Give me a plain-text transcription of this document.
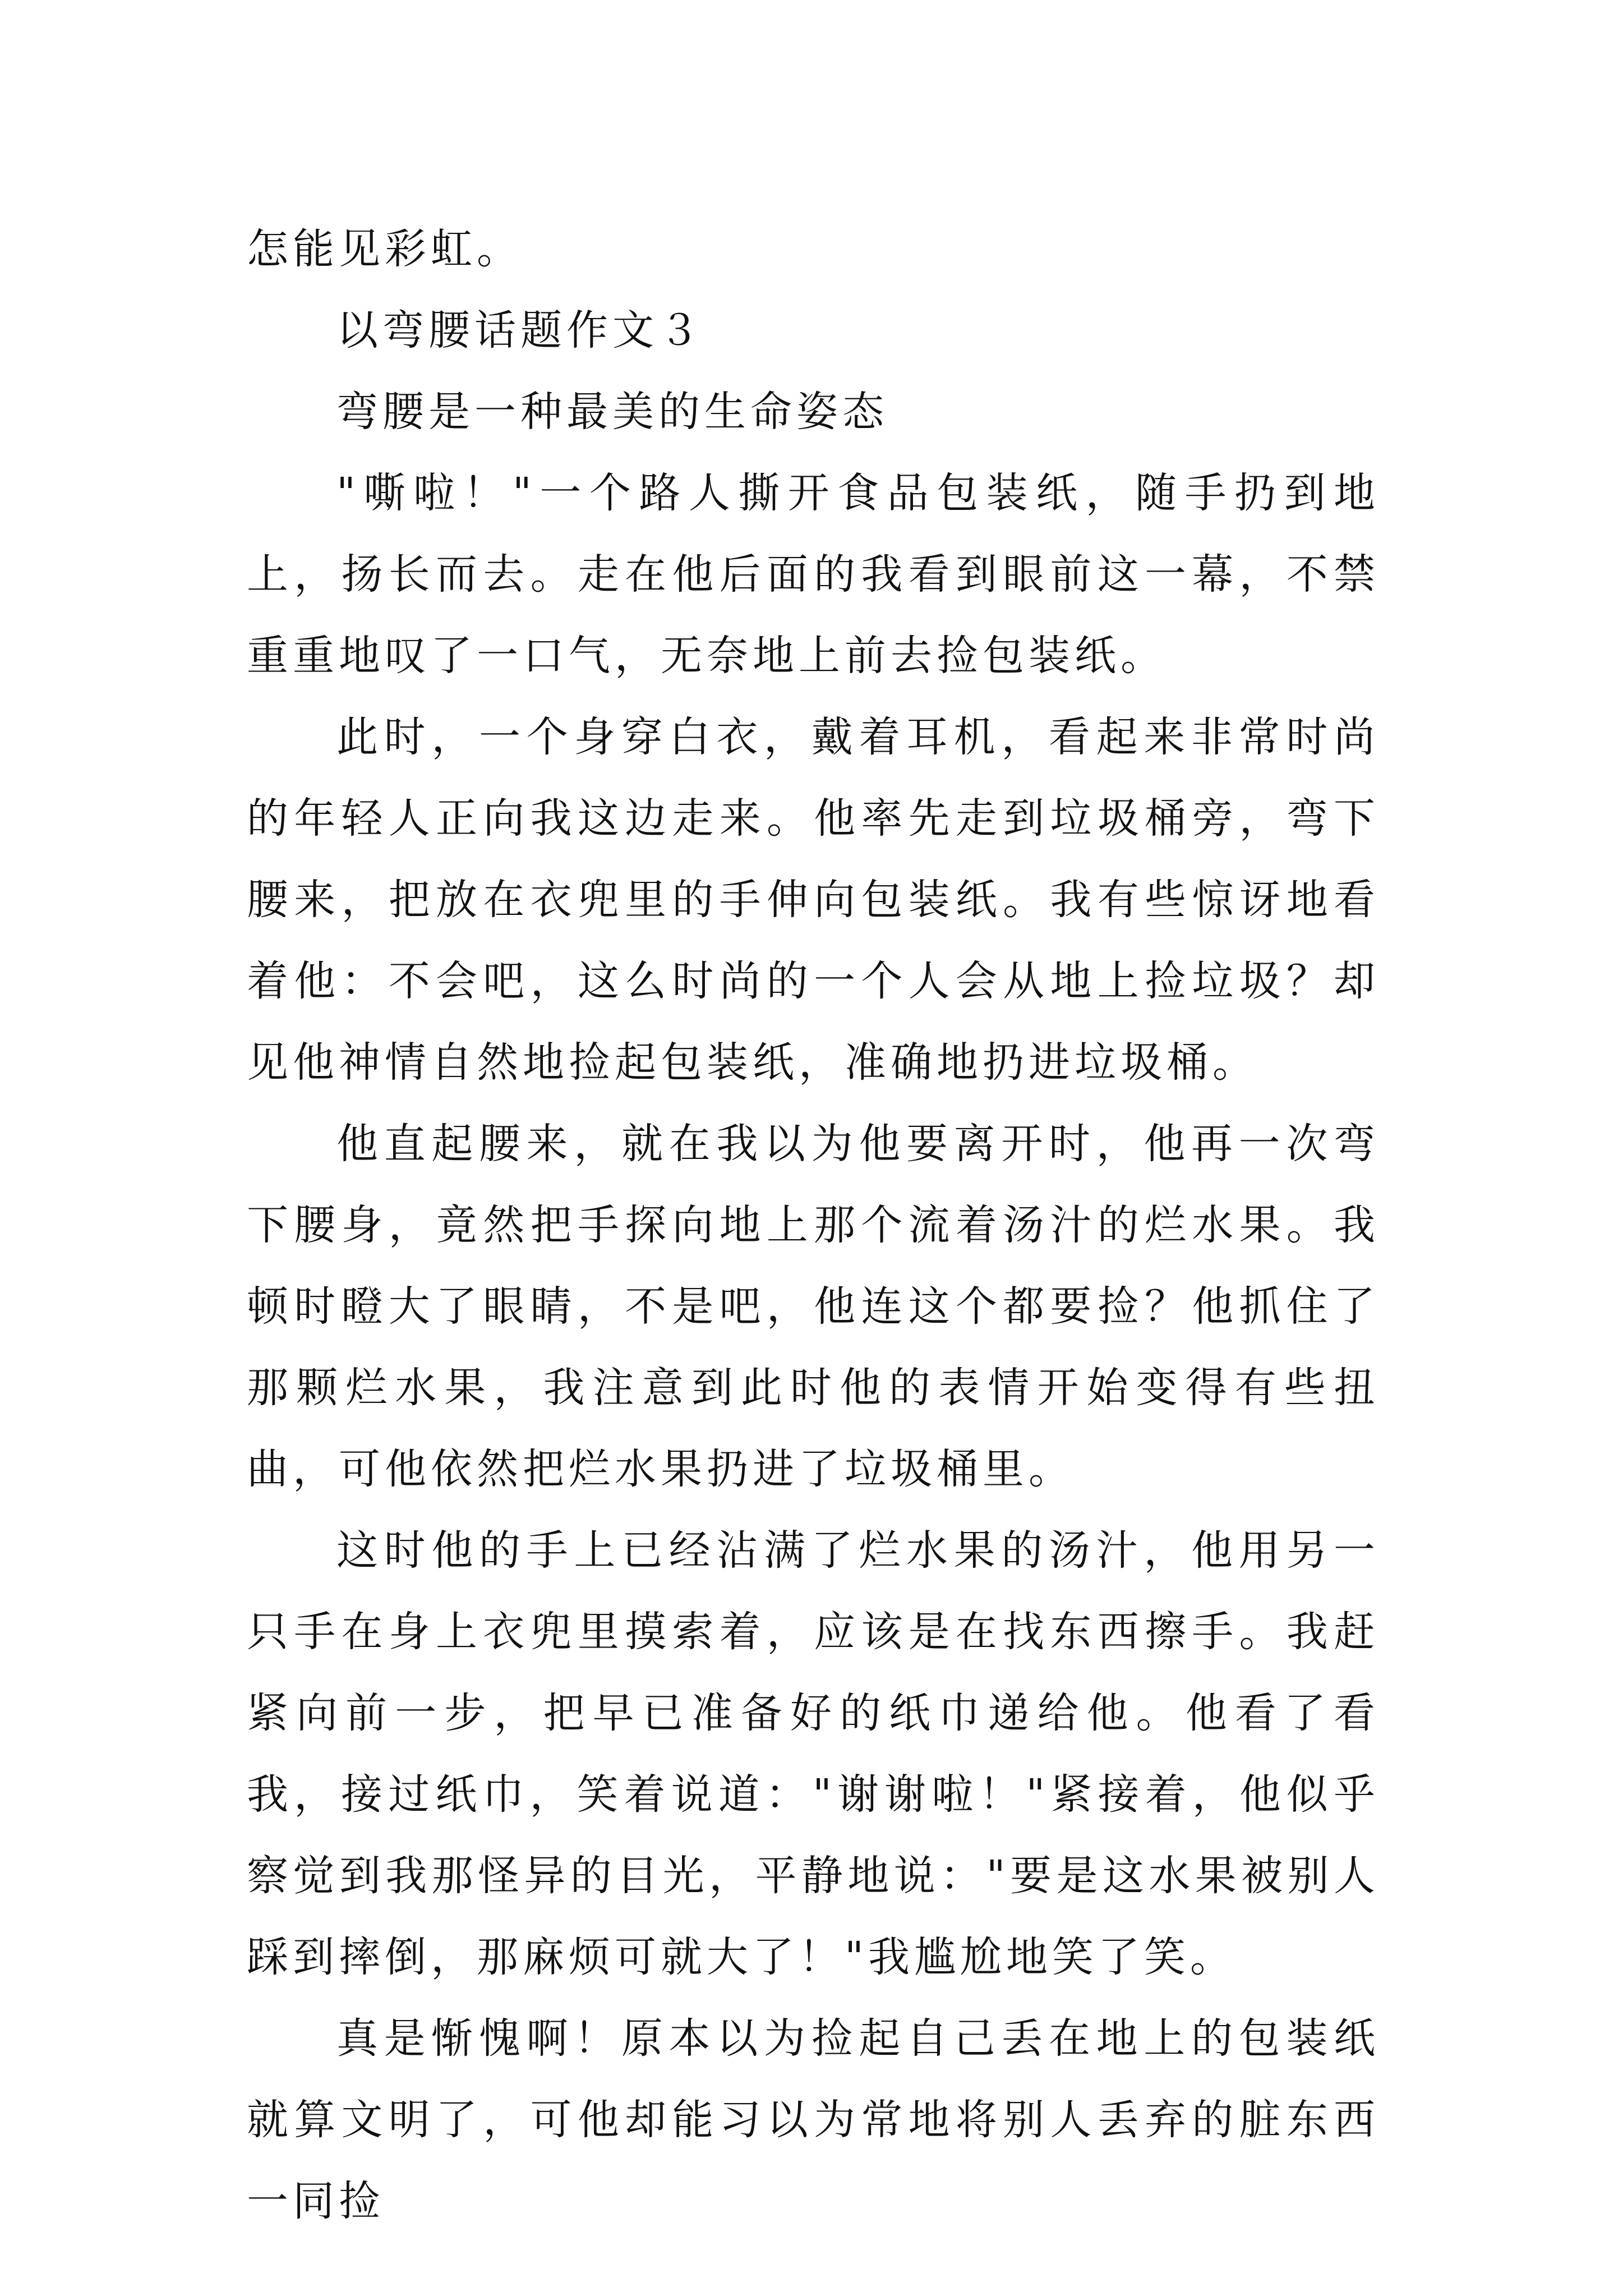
怎能见彩虹。

以弯腰话题作文３

弯腰是一种最美的生命姿态

"嘶啦！"一个路人撕开食品包装纸，随手扔到地上，扬长而去。走在他后面的我看到眼前这一幕，不禁重重地叹了一口气，无奈地上前去捡包装纸。

此时，一个身穿白衣，戴着耳机，看起来非常时尚的年轻人正向我这边走来。他率先走到垃圾桶旁，弯下腰来，把放在衣兜里的手伸向包装纸。我有些惊讶地看着他：不会吧，这么时尚的一个人会从地上捡垃圾？却见他神情自然地捡起包装纸，准确地扔进垃圾桶。

他直起腰来，就在我以为他要离开时，他再一次弯下腰身，竟然把手探向地上那个流着汤汁的烂水果。我顿时瞪大了眼睛，不是吧，他连这个都要捡？他抓住了那颗烂水果，我注意到此时他的表情开始变得有些扭曲，可他依然把烂水果扔进了垃圾桶里。

这时他的手上已经沾满了烂水果的汤汁，他用另一只手在身上衣兜里摸索着，应该是在找东西擦手。我赶紧向前一步，把早已准备好的纸巾递给他。他看了看我，接过纸巾，笑着说道："谢谢啦！"紧接着，他似乎察觉到我那怪异的目光，平静地说："要是这水果被别人踩到摔倒，那麻烦可就大了！"我尴尬地笑了笑。

真是惭愧啊！原本以为捡起自己丢在地上的包装纸就算文明了，可他却能习以为常地将别人丢弃的脏东西一同捡
